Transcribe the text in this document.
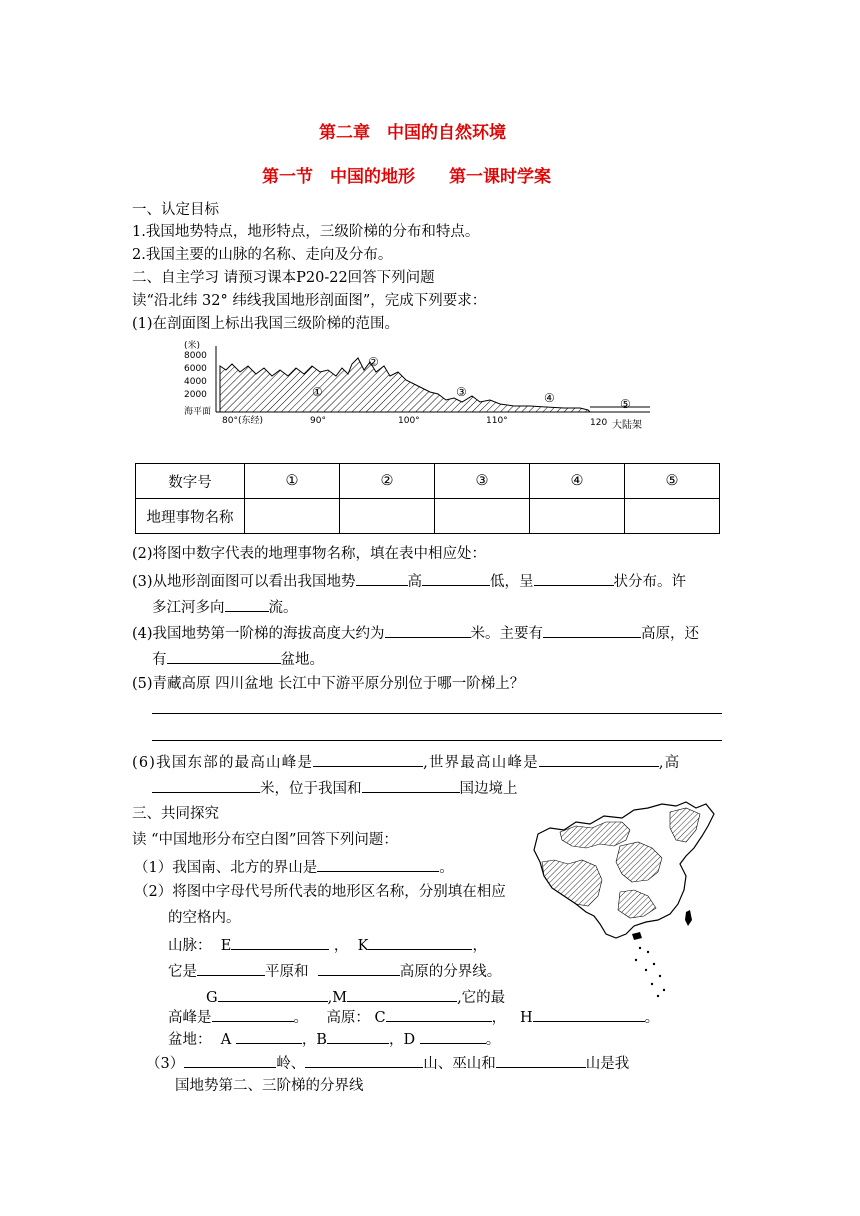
第二章　中国的自然环境
第一节　中国的地形　　第一课时学案
一、认定目标
1.我国地势特点，地形特点，三级阶梯的分布和特点。
2.我国主要的山脉的名称、走向及分布。
二、自主学习 请预习课本P20-22回答下列问题
读“沿北纬 32° 纬线我国地形剖面图”，完成下列要求：
(1)在剖面图上标出我国三级阶梯的范围。
(米)
8000
6000
4000
2000
海平面
①
②
③	④	⑤
80°(东经)	90°	100°	110°	120 大陆架
数字号	①	②	③	④	⑤
地理事物名称					
(2)将图中数字代表的地理事物名称，填在表中相应处：
(3)从地形剖面图可以看出我国地势	高	低，呈	状分布。许
多江河多向	流。
(4)我国地势第一阶梯的海拔高度大约为	米。主要有	高原，还
有	盆地。
(5)青藏高原 四川盆地 长江中下游平原分别位于哪一阶梯上？
(6)我国东部的最高山峰是	,世界最高山峰是	,高
米，位于我国和	国边境上
三、共同探究
读 “中国地形分布空白图”回答下列问题：
（1）我国南、北方的界山是	。
（2）将图中字母代号所代表的地形区名称，分别填在相应
的空格内。
山脉： E	， K	，
它是	平原和	高原的分界线。
G	,M	,它的最
高峰是	。 高原： C	， H	。
盆地： A	，B	，D	。
（3）	岭、	山、巫山和	山是我
国地势第二、三阶梯的分界线
